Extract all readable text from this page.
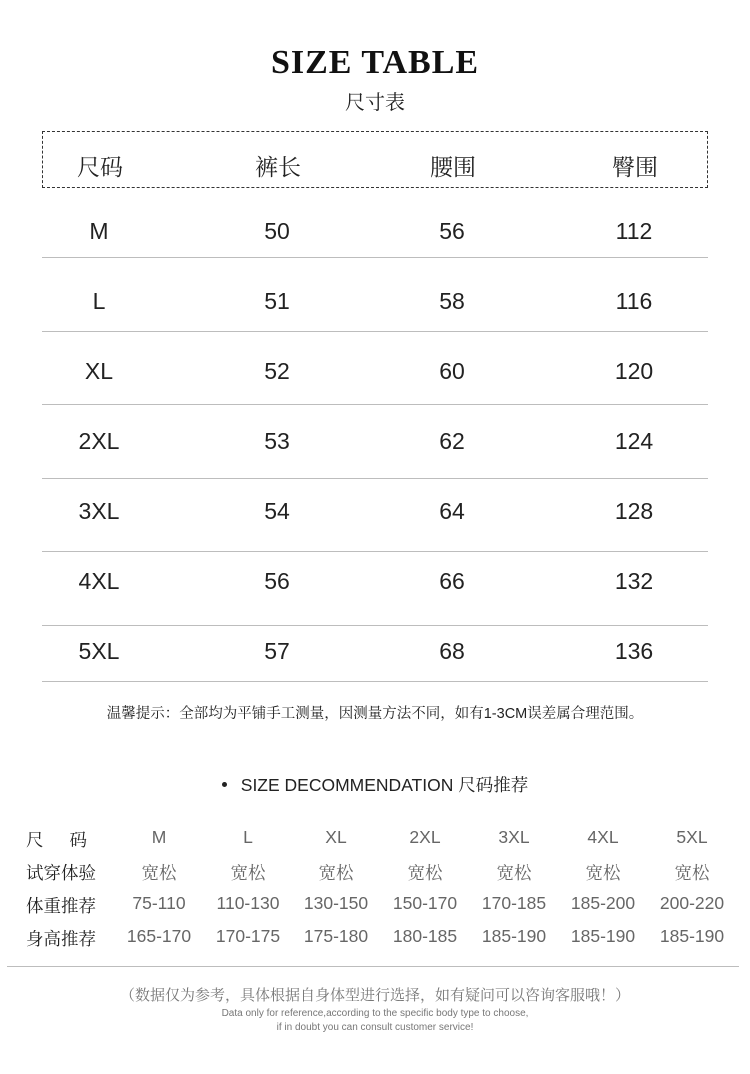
SIZE TABLE
尺寸表
尺码	裤长	腰围	臀围
M	50	56	112
L	51	58	116
XL	52	60	120
2XL	53	62	124
3XL	54	64	128
4XL	56	66	132
5XL	57	68	136
温馨提示：全部均为平铺手工测量，因测量方法不同，如有1-3CM误差属合理范围。
SIZE DECOMMENDATION 尺码推荐
尺码	M	L	XL	2XL	3XL	4XL	5XL
试穿体验	宽松	宽松	宽松	宽松	宽松	宽松	宽松
体重推荐	75-110	110-130	130-150	150-170	170-185	185-200	200-220
身高推荐	165-170	170-175	175-180	180-185	185-190	185-190	185-190
（数据仅为参考，具体根据自身体型进行选择，如有疑问可以咨询客服哦！）
Data only for reference,according to the specific body type to choose,
if in doubt you can consult customer service!
